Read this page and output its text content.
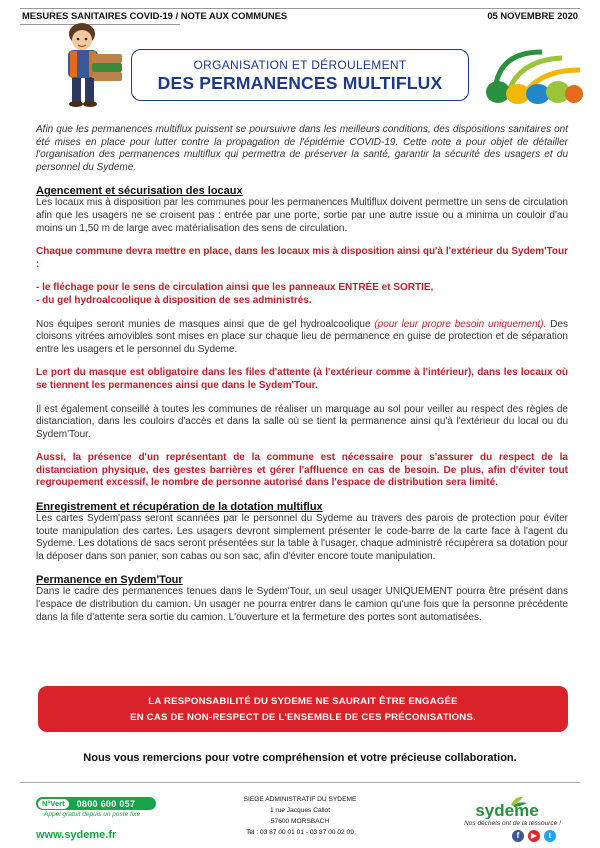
MESURES SANITAIRES COVID-19 / NOTE AUX COMMUNES	05 NOVEMBRE 2020
ORGANISATION ET DÉROULEMENT
DES PERMANENCES MULTIFLUX

Afin que les permanences multiflux puissent se poursuivre dans les meilleurs conditions, des dispositions sanitaires ont été mises en place pour lutter contre la propagation de l'épidémie COVID-19. Cette note a pour objet de détailler l'organisation des permanences multiflux qui permettra de préserver la santé, garantir la sécurité des usagers et du personnel du Sydeme.

Agencement et sécurisation des locaux

Les locaux mis à disposition par les communes pour les permanences Multiflux doivent permettre un sens de circulation afin que les usagers ne se croisent pas : entrée par une porte, sortie par une autre issue ou a minima un couloir d'au moins un 1,50 m de large avec matérialisation des sens de circulation.

Chaque commune devra mettre en place, dans les locaux mis à disposition ainsi qu'à l'extérieur du Sydem'Tour :

- le fléchage pour le sens de circulation ainsi que les panneaux ENTRÉE et SORTIE,

- du gel hydroalcoolique à disposition de ses administrés.

Nos équipes seront munies de masques ainsi que de gel hydroalcoolique (pour leur propre besoin uniquement). Des cloisons vitrées amovibles sont mises en place sur chaque lieu de permanence en guise de protection et de séparation entre les usagers et le personnel du Sydeme.

Le port du masque est obligatoire dans les files d'attente (à l'extérieur comme à l'intérieur), dans les locaux où se tiennent les permanences ainsi que dans le Sydem'Tour.

Il est également conseillé à toutes les communes de réaliser un marquage au sol pour veiller au respect des règles de distanciation, dans les couloirs d'accès et dans la salle où se tient la permanence ainsi qu'à l'extérieur du local ou du Sydem'Tour.

Aussi, la présence d'un représentant de la commune est nécessaire pour s'assurer du respect de la distanciation physique, des gestes barrières et gérer l'affluence en cas de besoin. De plus, afin d'éviter tout regroupement excessif, le nombre de personne autorisé dans l'espace de distribution sera limité.

Enregistrement et récupération de la dotation multiflux

Les cartes Sydem'pass seront scannées par le personnel du Sydeme au travers des parois de protection pour éviter toute manipulation des cartes. Les usagers devront simplement présenter le code-barre de la carte face à l'agent du Sydeme. Les dotations de sacs seront présentées sur la table à l'usager, chaque administré récupèrera sa dotation pour la déposer dans son panier, son cabas ou son sac, afin d'éviter encore toute manipulation.

Permanence en Sydem'Tour

Dans le cadre des permanences tenues dans le Sydem'Tour, un seul usager UNIQUEMENT pourra être présent dans l'espace de distribution du camion. Un usager ne pourra entrer dans le camion qu'une fois que la personne précédente dans la file d'attente sera sortie du camion. L'ouverture et la fermeture des portes sont automatisées.

LA RESPONSABILITÉ DU SYDEME NE SAURAIT ÊTRE ENGAGÉE
EN CAS DE NON-RESPECT DE L'ENSEMBLE DE CES PRÉCONISATIONS.
Nous vous remercions pour votre compréhension et votre précieuse collaboration.
N°Vert	0800 600 057
Appel gratuit depuis un poste fixe
www.sydeme.fr
SIEGE ADMINISTRATIF DU SYDEME
1 rue Jacques Callot
57600 MORSBACH
Tel : 03 87 00 01 01 - 03 87 00 02 09
sydeme
Nos déchets ont de la ressource !
f	▶	t
